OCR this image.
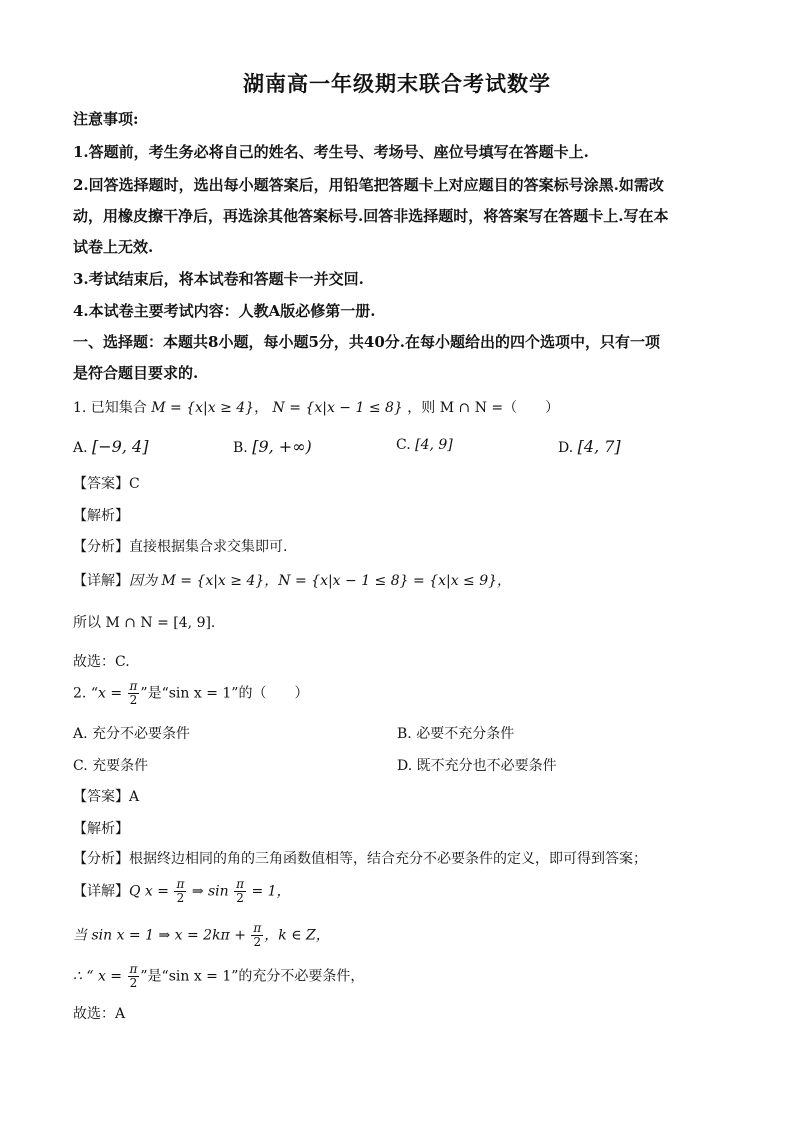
湖南高一年级期末联合考试数学
注意事项:
1.答题前，考生务必将自己的姓名、考生号、考场号、座位号填写在答题卡上.
2.回答选择题时，选出每小题答案后，用铅笔把答题卡上对应题目的答案标号涂黑.如需改
动，用橡皮擦干净后，再选涂其他答案标号.回答非选择题时，将答案写在答题卡上.写在本
试卷上无效.
3.考试结束后，将本试卷和答题卡一并交回.
4.本试卷主要考试内容：人教A版必修第一册.
一、选择题：本题共8小题，每小题5分，共40分.在每小题给出的四个选项中，只有一项
是符合题目要求的.
1. 已知集合 M = {x|x ≥ 4}， N = {x|x − 1 ≤ 8} ，则 M ∩ N =（　　）
A. [−9, 4]	B. [9, +∞)	C. [4, 9]	D. [4, 7]
【答案】C
【解析】
【分析】直接根据集合求交集即可.
【详解】因为 M = {x|x ≥ 4}，N = {x|x − 1 ≤ 8} = {x|x ≤ 9}，
所以 M ∩ N = [4, 9].
故选：C.
2. “$x = \frac{\pi}{2}$ ”是“sin x = 1”的（　　）
A. 充分不必要条件	B. 必要不充分条件
C. 充要条件	D. 既不充分也不必要条件
【答案】A
【解析】
【分析】根据终边相同的角的三角函数值相等，结合充分不必要条件的定义，即可得到答案；
【详解】Q $x = \frac{\pi}{2}$ ⇒ $\sin \frac{\pi}{2} = 1$，
当 sin x = 1 ⇒ $x = 2k\pi + \frac{\pi}{2}$ ，k ∈ Z，
∴ “ $x = \frac{\pi}{2}$ ”是“sin x = 1”的充分不必要条件，
故选：A
